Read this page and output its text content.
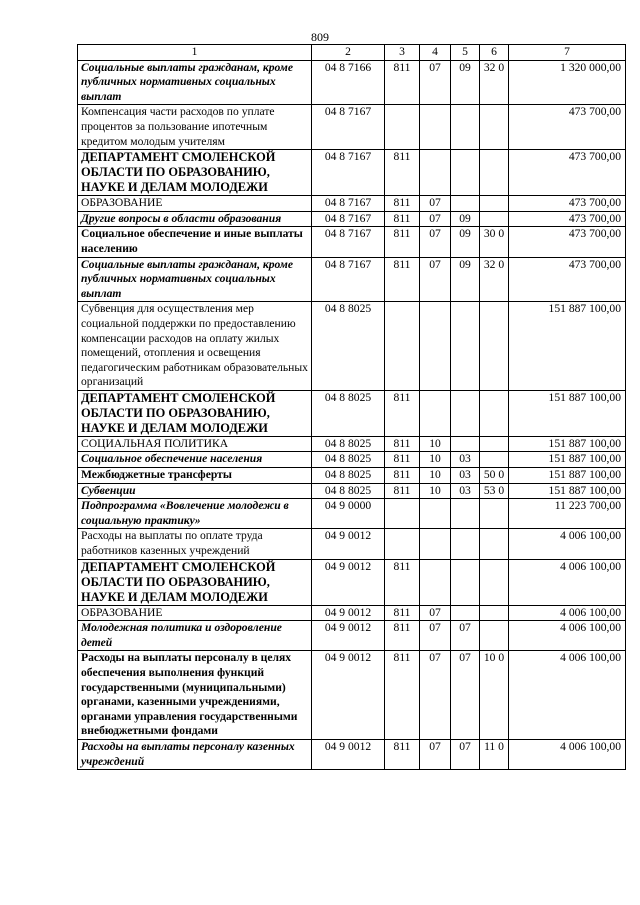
809
1	2	3	4	5	6	7
Социальные выплаты гражданам, кроме публичных нормативных социальных выплат	04 8 7166	811	07	09	32 0	1 320 000,00
Компенсация части расходов по уплате процентов за пользование ипотечным кредитом молодым учителям	04 8 7167					473 700,00
ДЕПАРТАМЕНТ СМОЛЕНСКОЙ ОБЛАСТИ ПО ОБРАЗОВАНИЮ, НАУКЕ И ДЕЛАМ МОЛОДЕЖИ	04 8 7167	811				473 700,00
ОБРАЗОВАНИЕ	04 8 7167	811	07			473 700,00
Другие вопросы в области образования	04 8 7167	811	07	09		473 700,00
Социальное обеспечение и иные выплаты населению	04 8 7167	811	07	09	30 0	473 700,00
Социальные выплаты гражданам, кроме публичных нормативных социальных выплат	04 8 7167	811	07	09	32 0	473 700,00
Субвенция для осуществления мер социальной поддержки по предоставлению компенсации расходов на оплату жилых помещений, отопления и освещения педагогическим работникам образовательных организаций	04 8 8025					151 887 100,00
ДЕПАРТАМЕНТ СМОЛЕНСКОЙ ОБЛАСТИ ПО ОБРАЗОВАНИЮ, НАУКЕ И ДЕЛАМ МОЛОДЕЖИ	04 8 8025	811				151 887 100,00
СОЦИАЛЬНАЯ ПОЛИТИКА	04 8 8025	811	10			151 887 100,00
Социальное обеспечение населения	04 8 8025	811	10	03		151 887 100,00
Межбюджетные трансферты	04 8 8025	811	10	03	50 0	151 887 100,00
Субвенции	04 8 8025	811	10	03	53 0	151 887 100,00
Подпрограмма «Вовлечение молодежи в социальную практику»	04 9 0000					11 223 700,00
Расходы на выплаты по оплате труда работников казенных учреждений	04 9 0012					4 006 100,00
ДЕПАРТАМЕНТ СМОЛЕНСКОЙ ОБЛАСТИ ПО ОБРАЗОВАНИЮ, НАУКЕ И ДЕЛАМ МОЛОДЕЖИ	04 9 0012	811				4 006 100,00
ОБРАЗОВАНИЕ	04 9 0012	811	07			4 006 100,00
Молодежная политика и оздоровление детей	04 9 0012	811	07	07		4 006 100,00
Расходы на выплаты персоналу в целях обеспечения выполнения функций государственными (муниципальными) органами, казенными учреждениями, органами управления государственными внебюджетными фондами	04 9 0012	811	07	07	10 0	4 006 100,00
Расходы на выплаты персоналу казенных учреждений	04 9 0012	811	07	07	11 0	4 006 100,00
